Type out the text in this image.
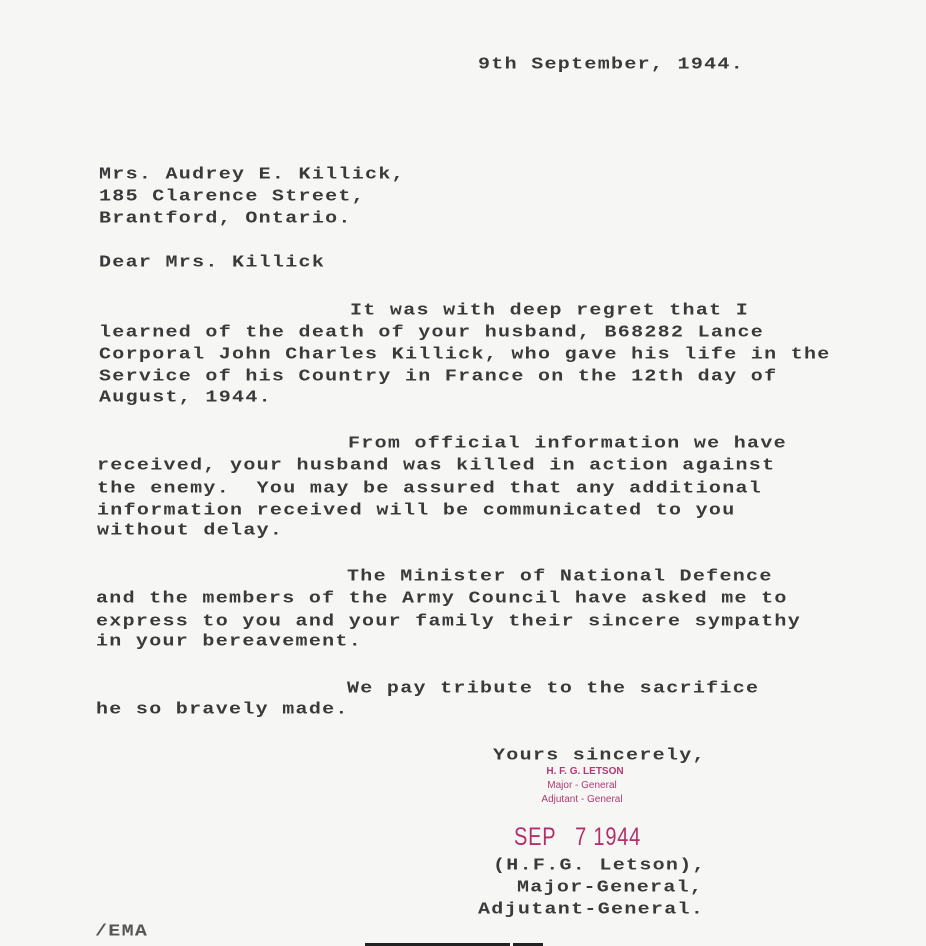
9th September, 1944.
Mrs. Audrey E. Killick,
185 Clarence Street,
Brantford, Ontario.
Dear Mrs. Killick
It was with deep regret that I
learned of the death of your husband, B68282 Lance
Corporal John Charles Killick, who gave his life in the
Service of his Country in France on the 12th day of
August, 1944.
From official information we have
received, your husband was killed in action against
the enemy.  You may be assured that any additional
information received will be communicated to you
without delay.
The Minister of National Defence
and the members of the Army Council have asked me to
express to you and your family their sincere sympathy
in your bereavement.
We pay tribute to the sacrifice
he so bravely made.
Yours sincerely,
H. F. G. LETSON
Major - General
Adjutant - General
SEP   7 1944
(H.F.G. Letson),
Major-General,
Adjutant-General.
/EMA
